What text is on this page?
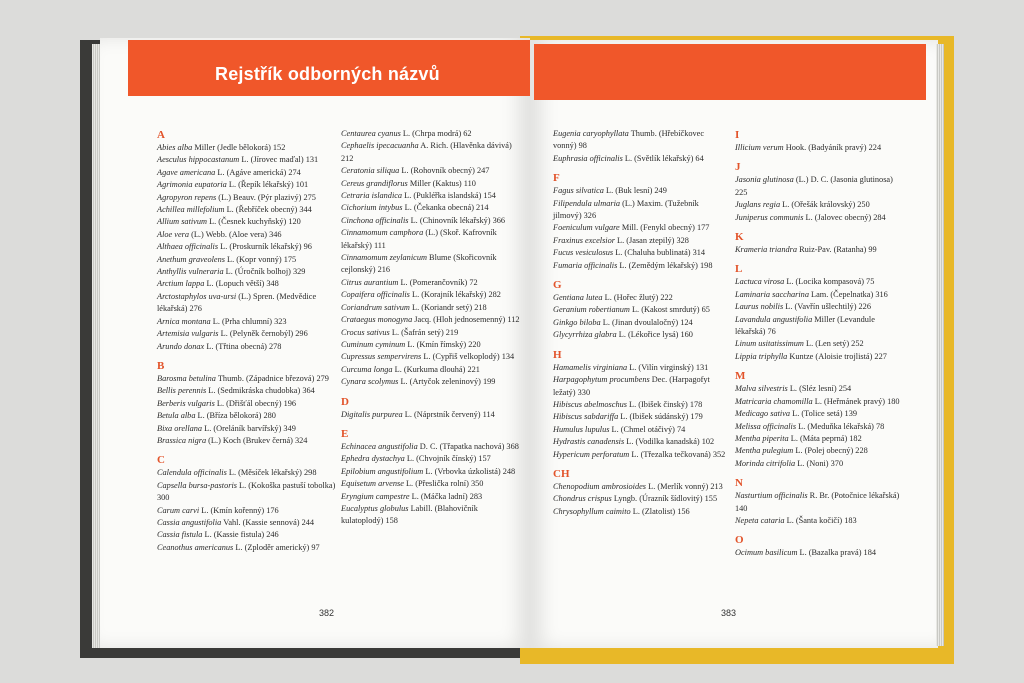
Rejstřík odborných názvů
A
Abies alba Miller (Jedle bělokorá) 152
Aesculus hippocastanum L. (Jírovec maďal) 131
Agave americana L. (Agáve americká) 274
Agrimonia eupatoria L. (Řepík lékařský) 101
Agropyron repens (L.) Beauv. (Pýr plazivý) 275
Achillea millefolium L. (Řebříček obecný) 344
Allium sativum L. (Česnek kuchyňský) 120
Aloe vera (L.) Webb. (Aloe vera) 346
Althaea officinalis L. (Proskurník lékařský) 96
Anethum graveolens L. (Kopr vonný) 175
Anthyllis vulneraria L. (Úročník bolhoj) 329
Arctium lappa L. (Lopuch větší) 348
Arctostaphylos uva-ursi (L.) Spren. (Medvědice lékařská) 276
Arnica montana L. (Prha chlumní) 323
Artemisia vulgaris L. (Pelyněk černobýl) 296
Arundo donax L. (Třtina obecná) 278
B
Barosma betulina Thumb. (Západnice březová) 279
Bellis perennis L. (Sedmikráska chudobka) 364
Berberis vulgaris L. (Dřišťál obecný) 196
Betula alba L. (Bříza bělokorá) 280
Bixa orellana L. (Oreláník barvířský) 349
Brassica nigra (L.) Koch (Brukev černá) 324
C
Calendula officinalis L. (Měsíček lékařský) 298
Capsella bursa-pastoris L. (Kokoška pastuší tobolka) 300
Carum carvi L. (Kmín kořenný) 176
Cassia angustifolia Vahl. (Kassie sennová) 244
Cassia fistula L. (Kassie fistula) 246
Ceanothus americanus L. (Zploděr americký) 97
Centaurea cyanus L. (Chrpa modrá) 62
Cephaelis ipecacuanha A. Rich. (Hlavěnka dávivá) 212
Ceratonia siliqua L. (Rohovník obecný) 247
Cereus grandiflorus Miller (Kaktus) 110
Cetraria islandica L. (Pukléřka islandská) 154
Cichorium intybus L. (Čekanka obecná) 214
Cinchona officinalis L. (Chinovník lékařský) 366
Cinnamomum camphora (L.) (Skoř. Kafrovník lékařský) 111
Cinnamomum zeylanicum Blume (Skořicovník cejlonský) 216
Citrus aurantium L. (Pomerančovník) 72
Copaifera officinalis L. (Korajník lékařský) 282
Coriandrum sativum L. (Koriandr setý) 218
Crataegus monogyna Jacq. (Hloh jednosemenný) 112
Crocus sativus L. (Šafrán setý) 219
Cuminum cyminum L. (Kmín římský) 220
Cupressus sempervirens L. (Cypřiš velkoplodý) 134
Curcuma longa L. (Kurkuma dlouhá) 221
Cynara scolymus L. (Artyčok zeleninový) 199
D
Digitalis purpurea L. (Náprstník červený) 114
E
Echinacea angustifolia D. C. (Třapatka nachová) 368
Ephedra dystachya L. (Chvojník čínský) 157
Epilobium angustifolium L. (Vrbovka úzkolistá) 248
Equisetum arvense L. (Přeslička rolní) 350
Eryngium campestre L. (Máčka ladní) 283
Eucalyptus globulus Labill. (Blahovičník kulatoplodý) 158
Eugenia caryophyllata Thumb. (Hřebíčkovec vonný) 98
Euphrasia officinalis L. (Světlík lékařský) 64
F
Fagus silvatica L. (Buk lesní) 249
Filipendula ulmaria (L.) Maxim. (Tužebník jilmový) 326
Foeniculum vulgare Mill. (Fenykl obecný) 177
Fraxinus excelsior L. (Jasan ztepilý) 328
Fucus vesiculosus L. (Chaluha bublinatá) 314
Fumaria officinalis L. (Zemědým lékařský) 198
G
Gentiana lutea L. (Hořec žlutý) 222
Geranium robertianum L. (Kakost smrdutý) 65
Ginkgo biloba L. (Jinan dvoulaločný) 124
Glycyrrhiza glabra L. (Lékořice lysá) 160
H
Hamamelis virginiana L. (Vilín virginský) 131
Harpagophytum procumbens Dec. (Harpagofyt ležatý) 330
Hibiscus abelmoschus L. (Ibišek činský) 178
Hibiscus sabdariffa L. (Ibišek súdánský) 179
Humulus lupulus L. (Chmel otáčivý) 74
Hydrastis canadensis L. (Vodilka kanadská) 102
Hypericum perforatum L. (Třezalka tečkovaná) 352
CH
Chenopodium ambrosioides L. (Merlík vonný) 213
Chondrus crispus Lyngb. (Úrazník šídlovitý) 155
Chrysophyllum caimito L. (Zlatolist) 156
I
Illicium verum Hook. (Badyáník pravý) 224
J
Jasonia glutinosa (L.) D. C. (Jasonia glutinosa) 225
Juglans regia L. (Ořešák královský) 250
Juniperus communis L. (Jalovec obecný) 284
K
Krameria triandra Ruiz-Pav. (Ratanha) 99
L
Lactuca virosa L. (Locika kompasová) 75
Laminaria saccharina Lam. (Čepelnatka) 316
Laurus nobilis L. (Vavřín ušlechtilý) 226
Lavandula angustifolia Miller (Levandule lékařská) 76
Linum usitatissimum L. (Len setý) 252
Lippia triphylla Kuntze (Aloisie trojlistá) 227
M
Malva silvestris L. (Sléz lesní) 254
Matricaria chamomilla L. (Heřmánek pravý) 180
Medicago sativa L. (Tolice setá) 139
Melissa officinalis L. (Meduňka lékařská) 78
Mentha piperita L. (Máta peprná) 182
Mentha pulegium L. (Polej obecný) 228
Morinda citrifolia L. (Noni) 370
N
Nasturtium officinalis R. Br. (Potočnice lékařská) 140
Nepeta cataria L. (Šanta kočičí) 183
O
Ocimum basilicum L. (Bazalka pravá) 184
382	383
